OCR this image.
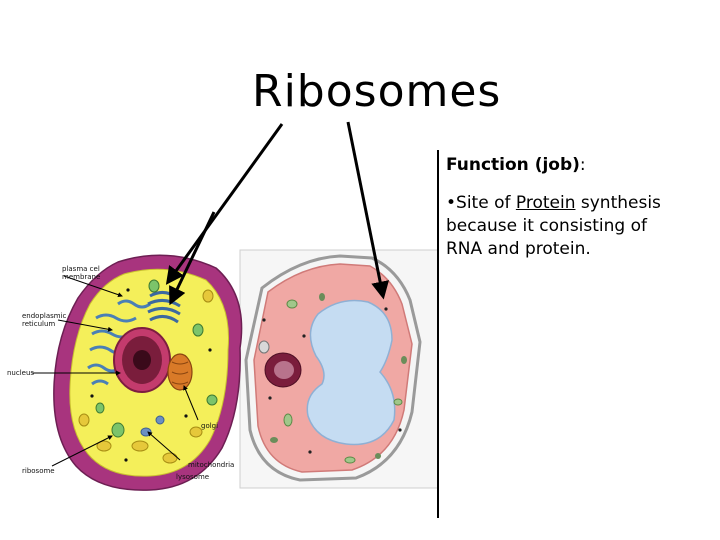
Ribosomes
plasma cel
membrane
endoplasmic
reticulum
nucleus
golgi
ribosome
mitochondria
lysosome
Function (job):
•Site of Protein synthesis because it consisting of RNA and protein.
